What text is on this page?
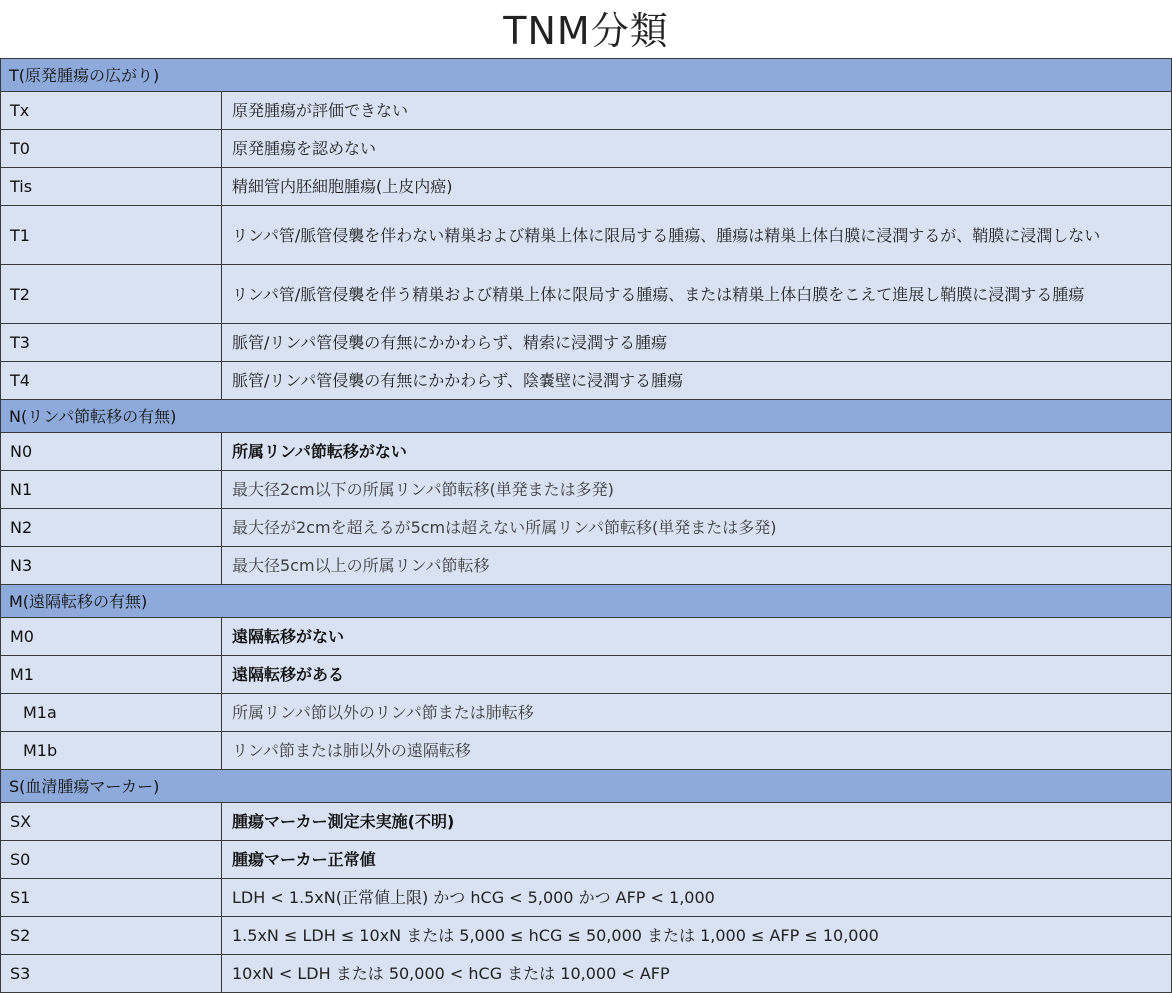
TNM分類
T(原発腫瘍の広がり)	
Tx	原発腫瘍が評価できない
T0	原発腫瘍を認めない
Tis	精細管内胚細胞腫瘍(上皮内癌)
T1	リンパ管/脈管侵襲を伴わない精巣および精巣上体に限局する腫瘍、腫瘍は精巣上体白膜に浸潤するが、鞘膜に浸潤しない
T2	リンパ管/脈管侵襲を伴う精巣および精巣上体に限局する腫瘍、または精巣上体白膜をこえて進展し鞘膜に浸潤する腫瘍
T3	脈管/リンパ管侵襲の有無にかかわらず、精索に浸潤する腫瘍
T4	脈管/リンパ管侵襲の有無にかかわらず、陰嚢壁に浸潤する腫瘍
N(リンパ節転移の有無)	
N0	所属リンパ節転移がない
N1	最大径2cm以下の所属リンパ節転移(単発または多発)
N2	最大径が2cmを超えるが5cmは超えない所属リンパ節転移(単発または多発)
N3	最大径5cm以上の所属リンパ節転移
M(遠隔転移の有無)	
M0	遠隔転移がない
M1	遠隔転移がある
M1a	所属リンパ節以外のリンパ節または肺転移
M1b	リンパ節または肺以外の遠隔転移
S(血清腫瘍マーカー)	
SX	腫瘍マーカー測定未実施(不明)
S0	腫瘍マーカー正常値
S1	LDH < 1.5xN(正常値上限) かつ hCG < 5,000 かつ AFP < 1,000
S2	1.5xN ≤ LDH ≤ 10xN または 5,000 ≤ hCG ≤ 50,000 または 1,000 ≤ AFP ≤ 10,000
S3	10xN < LDH または 50,000 < hCG または 10,000 < AFP
